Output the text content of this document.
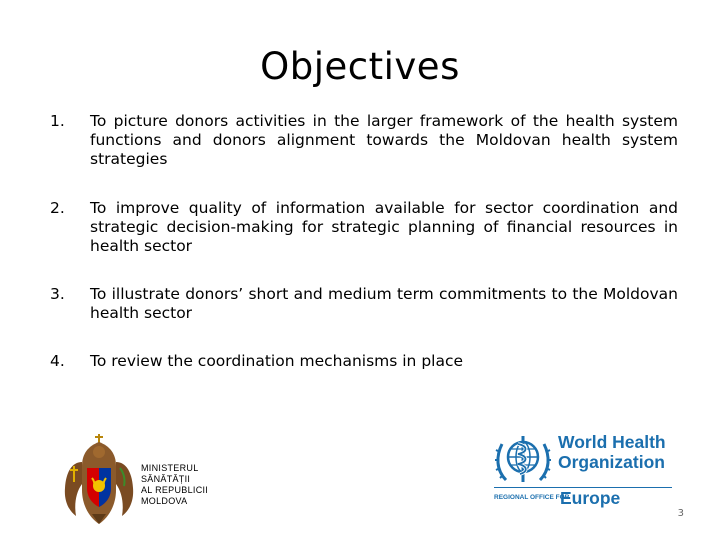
Objectives
1.	To picture donors activities in the larger framework of the health system functions and donors alignment towards the Moldovan health system strategies
2.	To improve quality of information available for sector coordination and strategic decision-making for strategic planning of financial resources in health sector
3.	To illustrate donors’ short and medium term commitments to the Moldovan health sector
4.	To review the coordination mechanisms in place
MINISTERUL
SĂNĂTĂȚII
AL REPUBLICII
MOLDOVA
World Health
Organization
REGIONAL OFFICE FOR
Europe
3
